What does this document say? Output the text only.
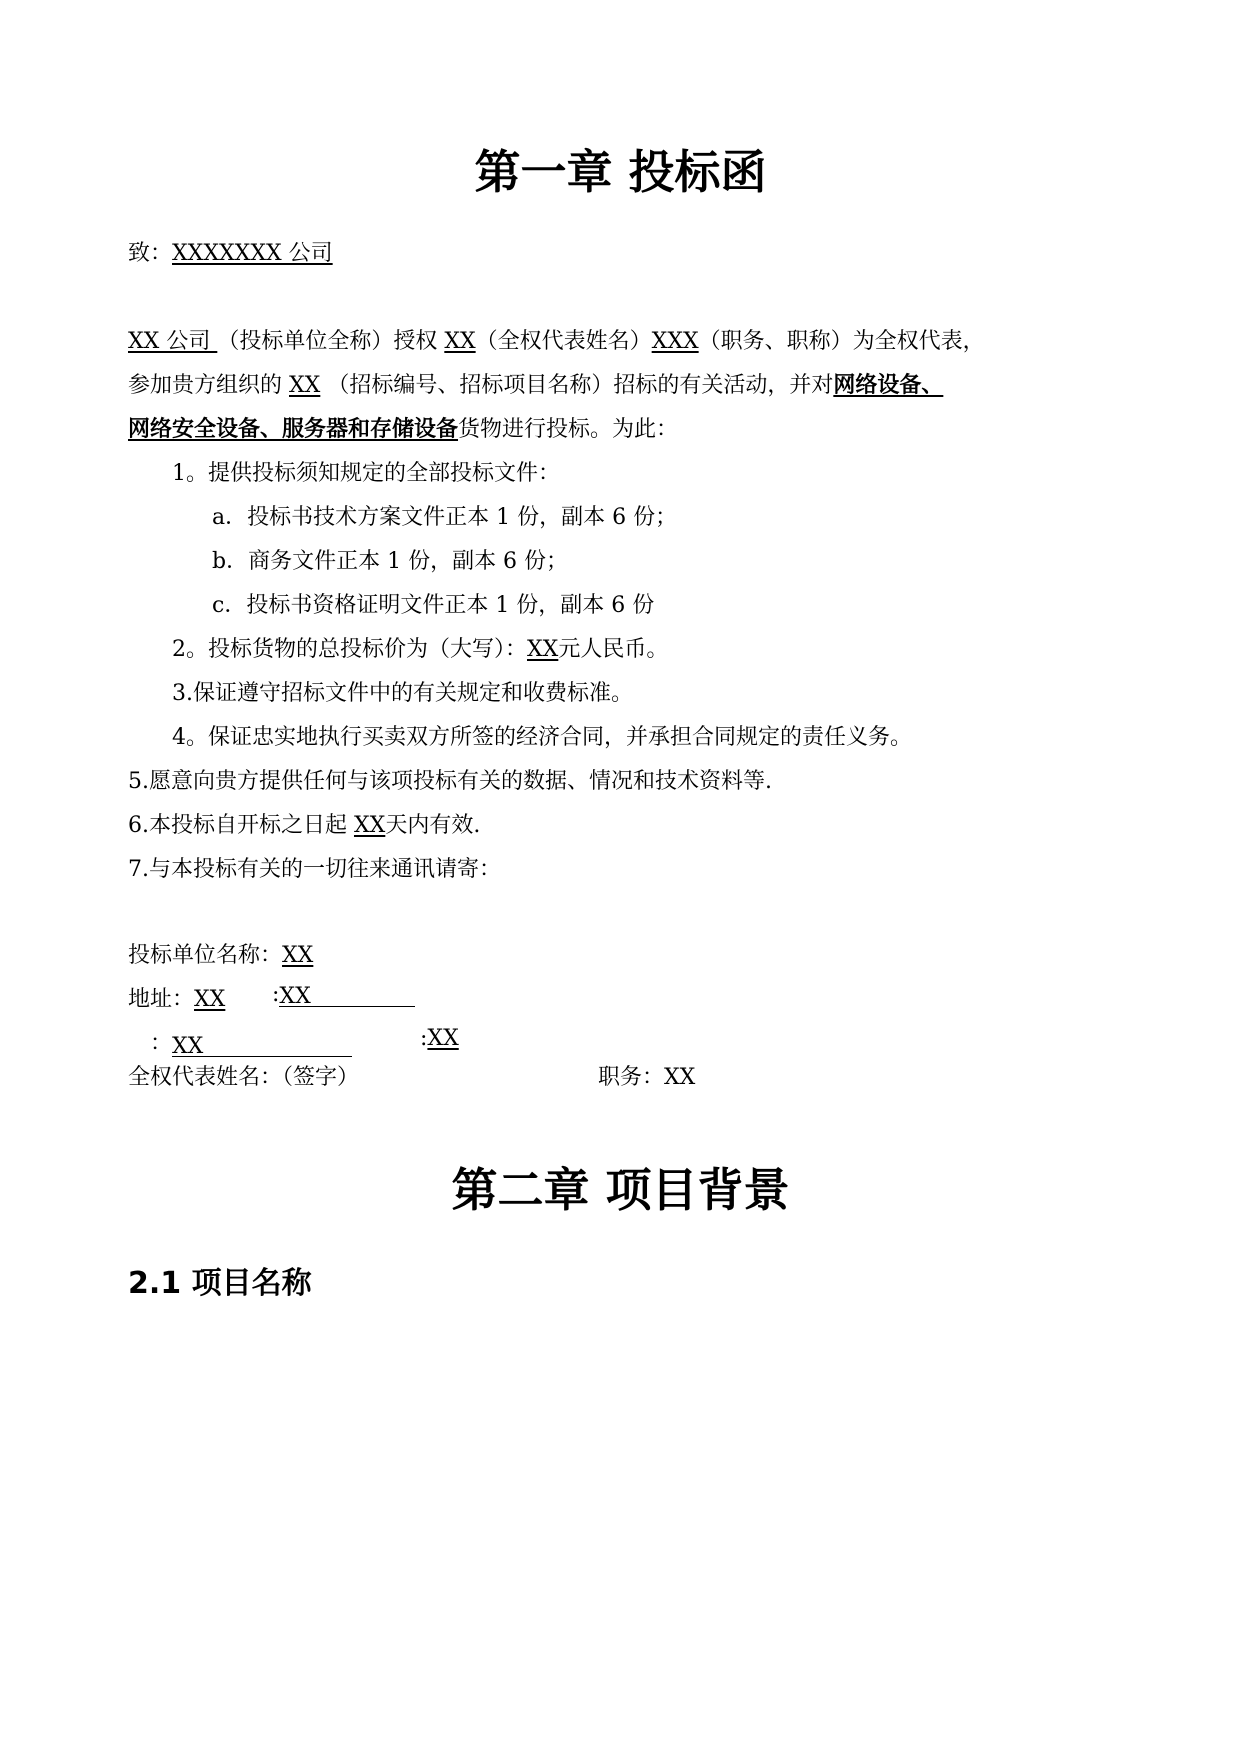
第一章 投标函
致：XXXXXXX 公司
XX 公司 （投标单位全称）授权 XX（全权代表姓名）XXX（职务、职称）为全权代表，
参加贵方组织的 XX （招标编号、招标项目名称）招标的有关活动，并对网络设备、
网络安全设备、服务器和存储设备货物进行投标。为此：
1。提供投标须知规定的全部投标文件：
a．投标书技术方案文件正本 1 份，副本 6 份；
b．商务文件正本 1 份，副本 6 份；
c．投标书资格证明文件正本 1 份，副本 6 份
2。投标货物的总投标价为（大写）：XX元人民币。
3.保证遵守招标文件中的有关规定和收费标准。
4。保证忠实地执行买卖双方所签的经济合同，并承担合同规定的责任义务。
5.愿意向贵方提供任何与该项投标有关的数据、情况和技术资料等.
6.本投标自开标之日起 XX天内有效.
7.与本投标有关的一切往来通讯请寄：
投标单位名称：XX
地址：XX :XX
：XX	:XX
全权代表姓名：（签字）	职务：XX
第二章 项目背景
2.1 项目名称
